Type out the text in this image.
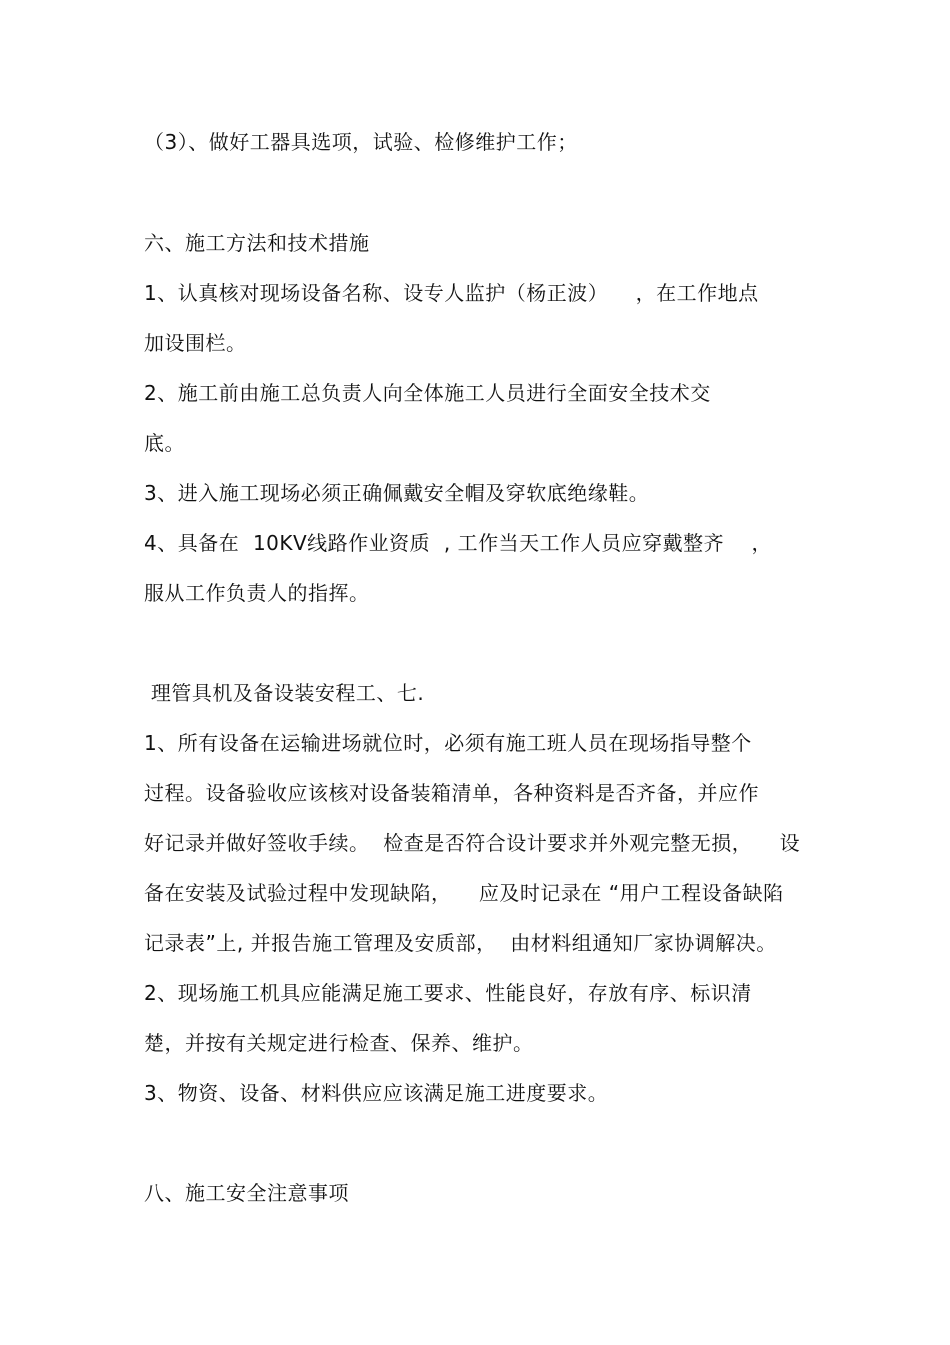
（3）、做好工器具选项，试验、检修维护工作；
六、施工方法和技术措施
1、认真核对现场设备名称、设专人监护（杨正波）    ，在工作地点
加设围栏。
2、施工前由施工总负责人向全体施工人员进行全面安全技术交
底。
3、进入施工现场必须正确佩戴安全帽及穿软底绝缘鞋。
4、具备在  10KV线路作业资质  , 工作当天工作人员应穿戴整齐    ，
服从工作负责人的指挥。
理管具机及备设装安程工、七.
1、所有设备在运输进场就位时，必须有施工班人员在现场指导整个
过程。设备验收应该核对设备装箱清单，各种资料是否齐备，并应作
好记录并做好签收手续。  检查是否符合设计要求并外观完整无损，    设
备在安装及试验过程中发现缺陷，    应及时记录在 “用户工程设备缺陷
记录表”上, 并报告施工管理及安质部，  由材料组通知厂家协调解决。
2、现场施工机具应能满足施工要求、性能良好，存放有序、标识清
楚，并按有关规定进行检查、保养、维护。
3、物资、设备、材料供应应该满足施工进度要求。
八、施工安全注意事项
